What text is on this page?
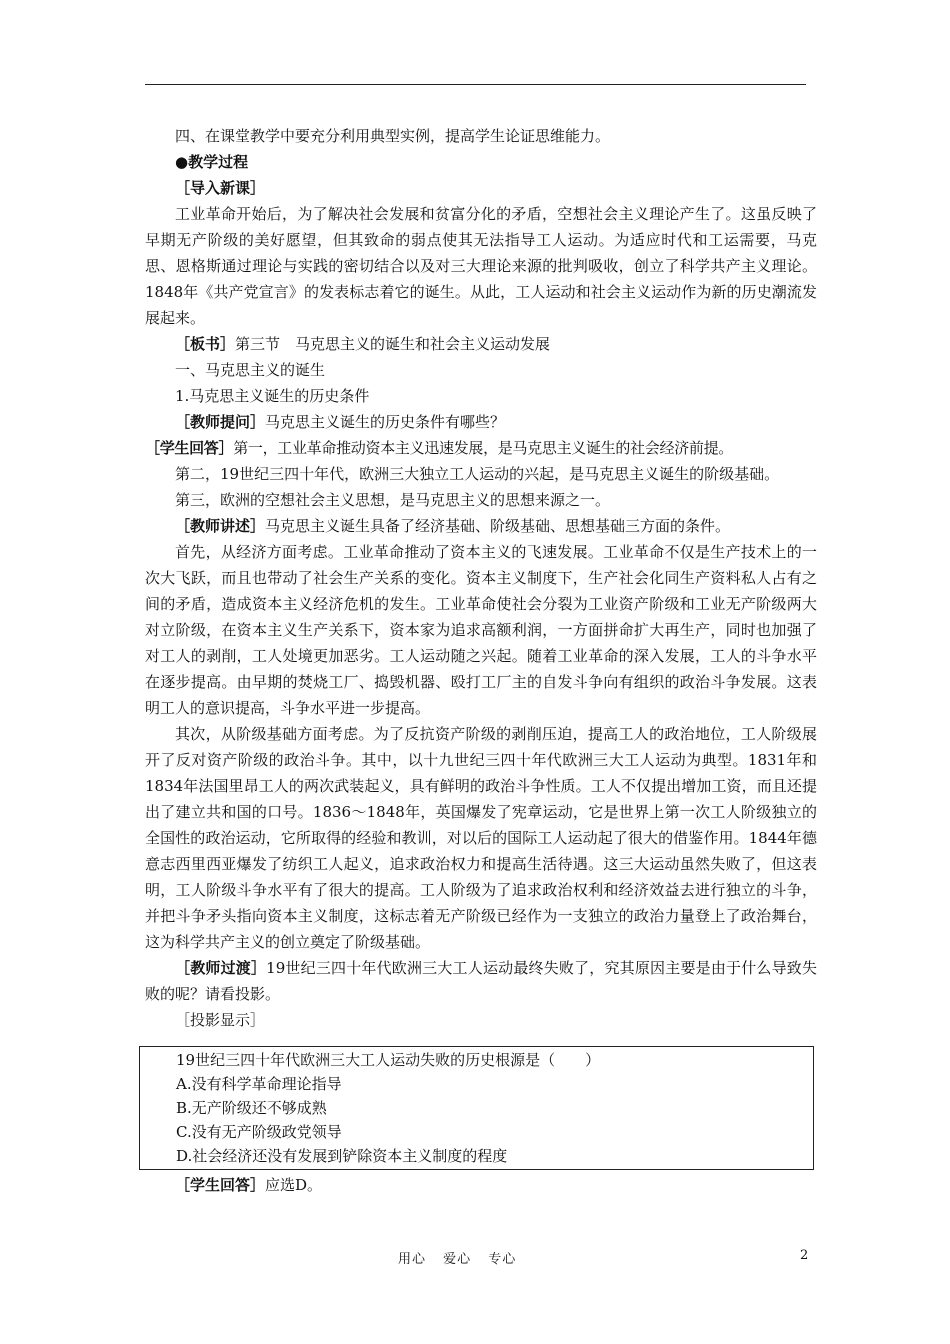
四、在课堂教学中要充分利用典型实例，提高学生论证思维能力。

●教学过程

［导入新课］

工业革命开始后，为了解决社会发展和贫富分化的矛盾，空想社会主义理论产生了。这虽反映了早期无产阶级的美好愿望，但其致命的弱点使其无法指导工人运动。为适应时代和工运需要，马克思、恩格斯通过理论与实践的密切结合以及对三大理论来源的批判吸收，创立了科学共产主义理论。1848年《共产党宣言》的发表标志着它的诞生。从此，工人运动和社会主义运动作为新的历史潮流发展起来。

［板书］第三节　马克思主义的诞生和社会主义运动发展

一、马克思主义的诞生

1.马克思主义诞生的历史条件

［教师提问］马克思主义诞生的历史条件有哪些？

［学生回答］第一，工业革命推动资本主义迅速发展，是马克思主义诞生的社会经济前提。

第二，19世纪三四十年代，欧洲三大独立工人运动的兴起，是马克思主义诞生的阶级基础。

第三，欧洲的空想社会主义思想，是马克思主义的思想来源之一。

［教师讲述］马克思主义诞生具备了经济基础、阶级基础、思想基础三方面的条件。

首先，从经济方面考虑。工业革命推动了资本主义的飞速发展。工业革命不仅是生产技术上的一次大飞跃，而且也带动了社会生产关系的变化。资本主义制度下，生产社会化同生产资料私人占有之间的矛盾，造成资本主义经济危机的发生。工业革命使社会分裂为工业资产阶级和工业无产阶级两大对立阶级，在资本主义生产关系下，资本家为追求高额利润，一方面拼命扩大再生产，同时也加强了对工人的剥削，工人处境更加恶劣。工人运动随之兴起。随着工业革命的深入发展，工人的斗争水平在逐步提高。由早期的焚烧工厂、捣毁机器、殴打工厂主的自发斗争向有组织的政治斗争发展。这表明工人的意识提高，斗争水平进一步提高。

其次，从阶级基础方面考虑。为了反抗资产阶级的剥削压迫，提高工人的政治地位，工人阶级展开了反对资产阶级的政治斗争。其中，以十九世纪三四十年代欧洲三大工人运动为典型。1831年和1834年法国里昂工人的两次武装起义，具有鲜明的政治斗争性质。工人不仅提出增加工资，而且还提出了建立共和国的口号。1836～1848年，英国爆发了宪章运动，它是世界上第一次工人阶级独立的全国性的政治运动，它所取得的经验和教训，对以后的国际工人运动起了很大的借鉴作用。1844年德意志西里西亚爆发了纺织工人起义，追求政治权力和提高生活待遇。这三大运动虽然失败了，但这表明，工人阶级斗争水平有了很大的提高。工人阶级为了追求政治权利和经济效益去进行独立的斗争，并把斗争矛头指向资本主义制度，这标志着无产阶级已经作为一支独立的政治力量登上了政治舞台，这为科学共产主义的创立奠定了阶级基础。

［教师过渡］19世纪三四十年代欧洲三大工人运动最终失败了，究其原因主要是由于什么导致失败的呢？请看投影。

［投影显示］

19世纪三四十年代欧洲三大工人运动失败的历史根源是（　　）
A.没有科学革命理论指导
B.无产阶级还不够成熟
C.没有无产阶级政党领导
D.社会经济还没有发展到铲除资本主义制度的程度

［学生回答］应选D。

用心 爱心 专心	2
